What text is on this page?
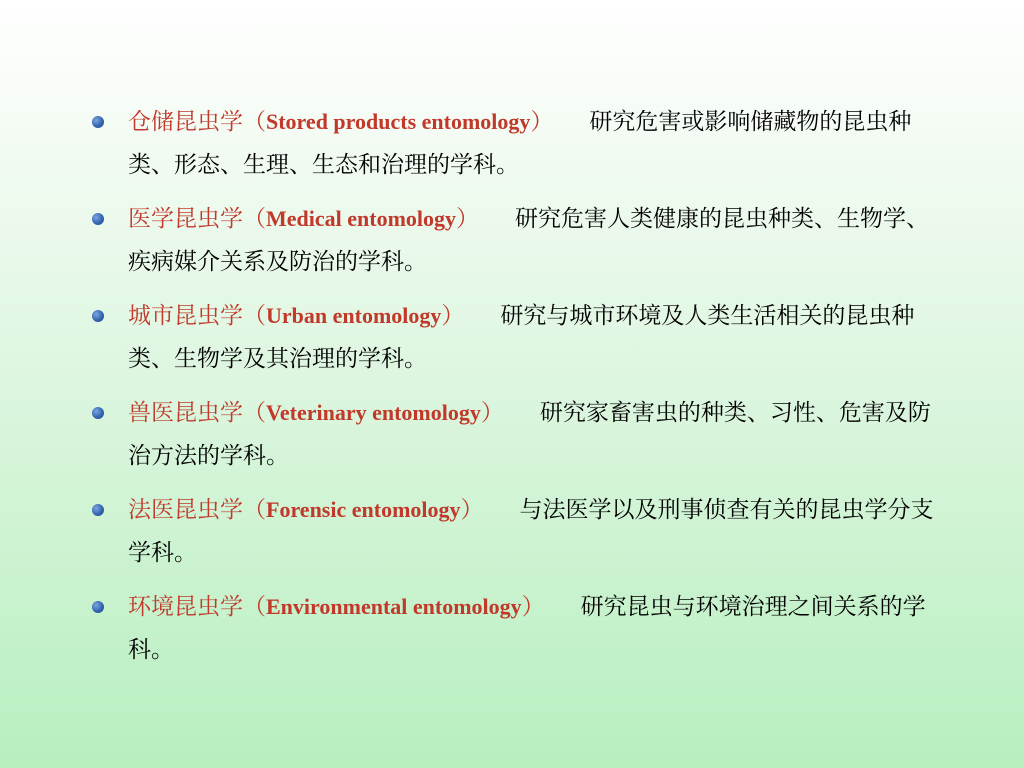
仓储昆虫学（Stored products entomology） 研究危害或影响储藏物的昆虫种类、形态、生理、生态和治理的学科。
医学昆虫学（Medical entomology） 研究危害人类健康的昆虫种类、生物学、疾病媒介关系及防治的学科。
城市昆虫学（Urban entomology） 研究与城市环境及人类生活相关的昆虫种类、生物学及其治理的学科。
兽医昆虫学（Veterinary entomology） 研究家畜害虫的种类、习性、危害及防治方法的学科。
法医昆虫学（Forensic entomology） 与法医学以及刑事侦查有关的昆虫学分支学科。
环境昆虫学（Environmental entomology） 研究昆虫与环境治理之间关系的学科。
